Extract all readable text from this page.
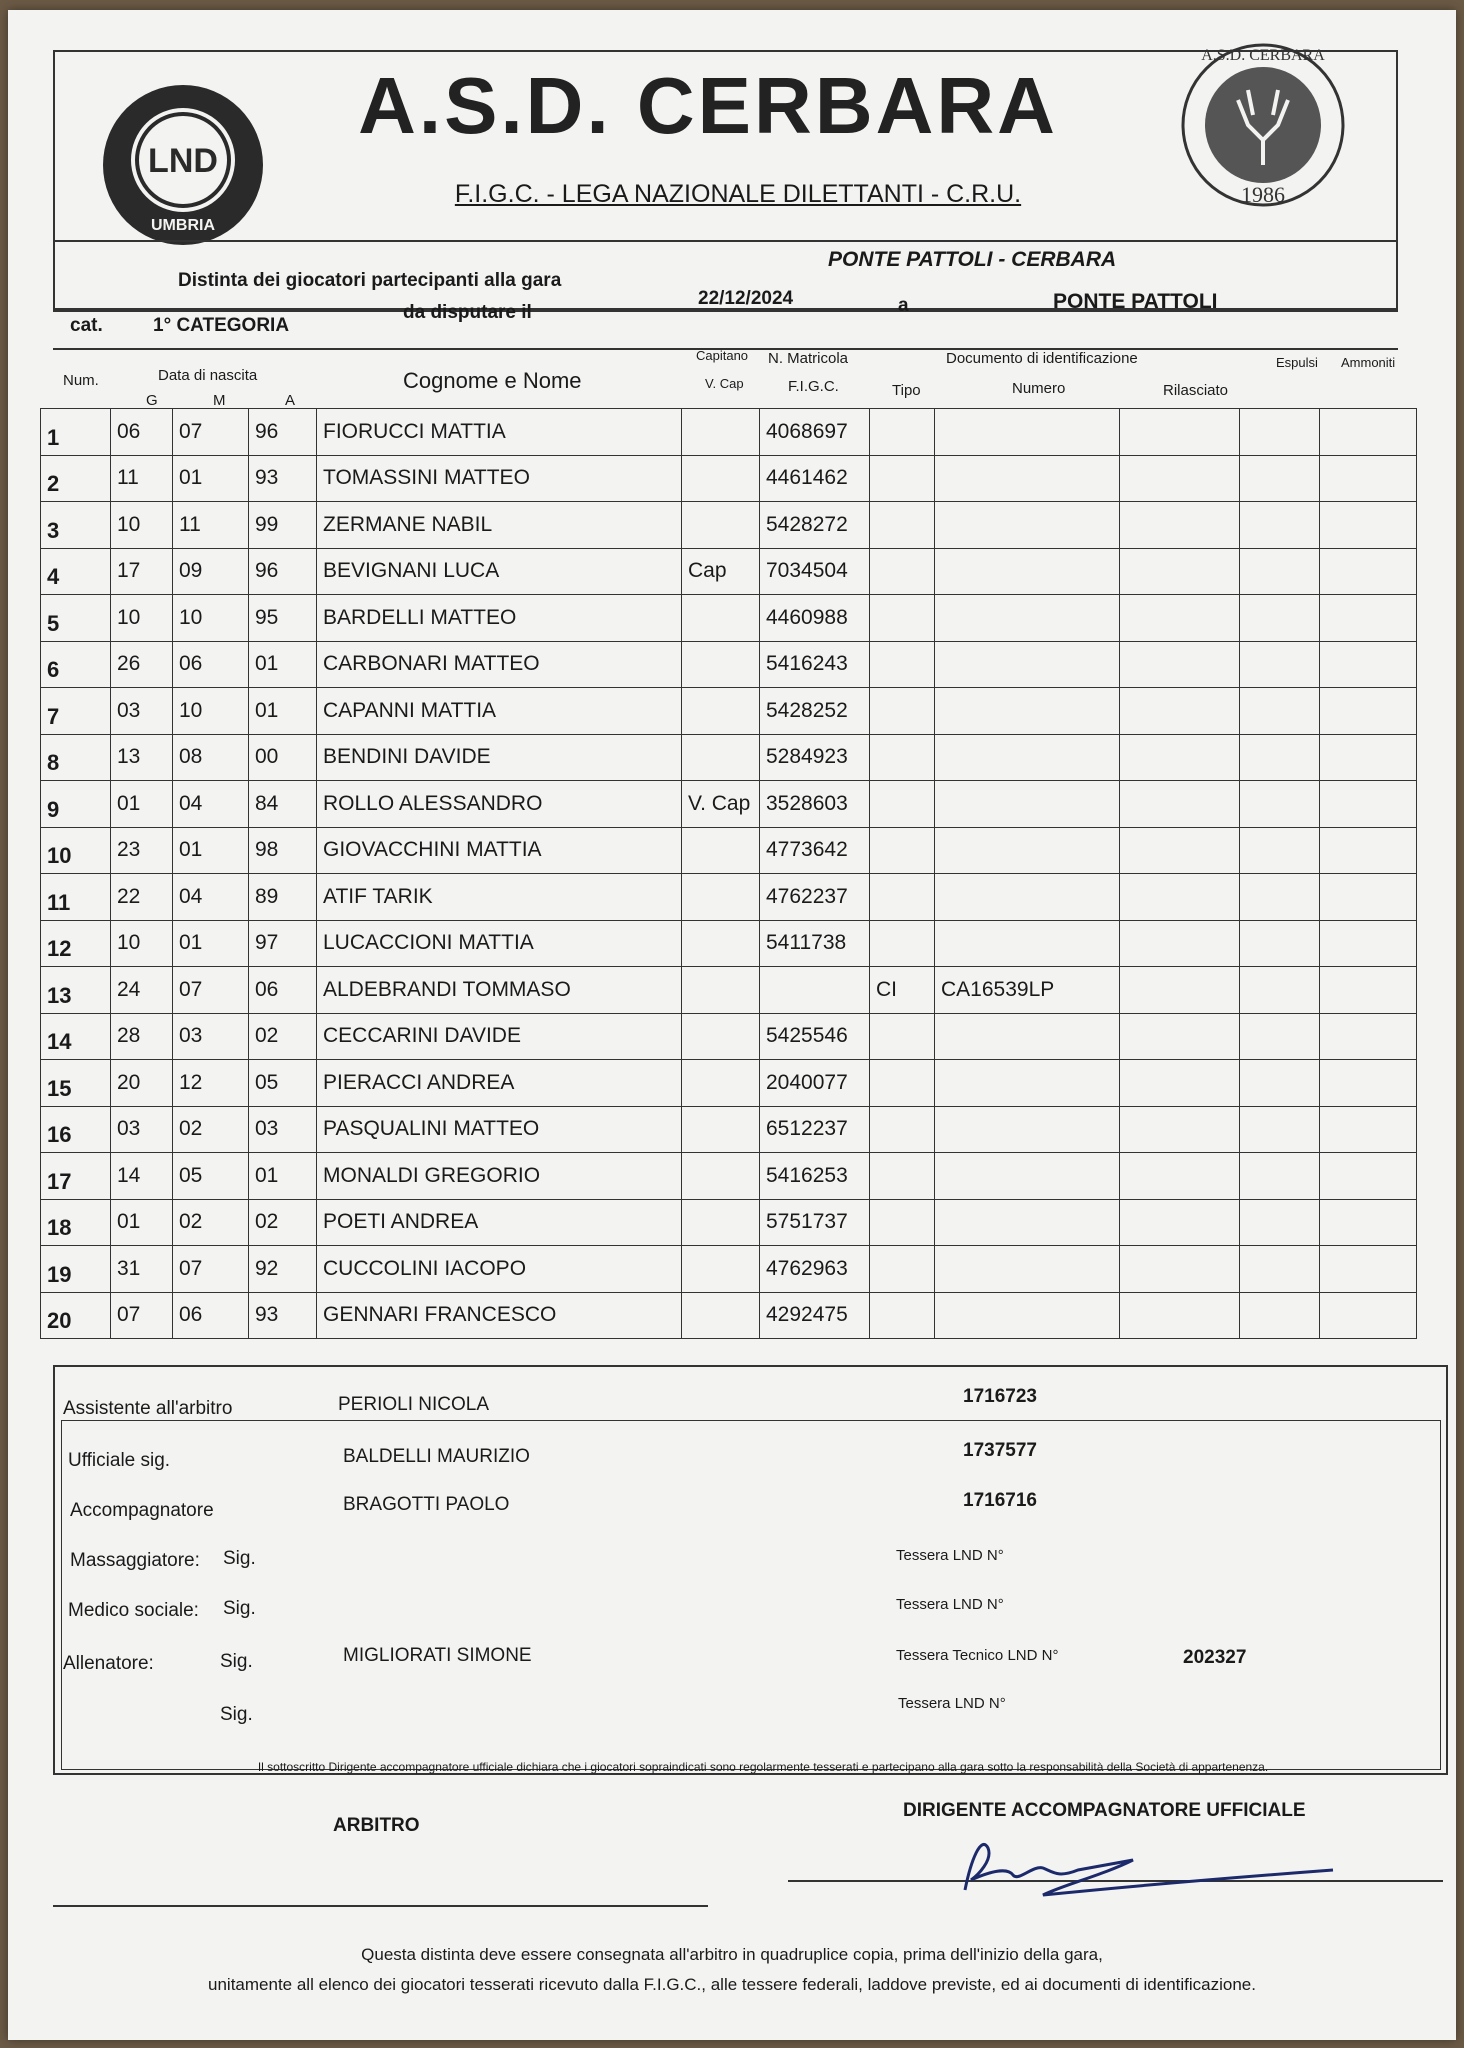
LND
UMBRIA
A.S.D. CERBARA
F.I.G.C. - LEGA NAZIONALE DILETTANTI - C.R.U.
A.S.D. CERBARA
1986
Distinta dei giocatori partecipanti alla gara
PONTE PATTOLI - CERBARA
cat.	1° CATEGORIA
da disputare il
22/12/2024	a	PONTE PATTOLI
Num.	Data di nascita
G	M	A
Cognome e Nome
Capitano
V. Cap
N. Matricola
F.I.G.C.
Documento di identificazione
Tipo	Numero	Rilasciato
Espulsi Ammoniti
1	06	07	96	FIORUCCI MATTIA		4068697					
2	11	01	93	TOMASSINI MATTEO		4461462					
3	10	11	99	ZERMANE NABIL		5428272					
4	17	09	96	BEVIGNANI LUCA	Cap	7034504					
5	10	10	95	BARDELLI MATTEO		4460988					
6	26	06	01	CARBONARI MATTEO		5416243					
7	03	10	01	CAPANNI MATTIA		5428252					
8	13	08	00	BENDINI DAVIDE		5284923					
9	01	04	84	ROLLO ALESSANDRO	V. Cap	3528603					
10	23	01	98	GIOVACCHINI MATTIA		4773642					
11	22	04	89	ATIF TARIK		4762237					
12	10	01	97	LUCACCIONI MATTIA		5411738					
13	24	07	06	ALDEBRANDI TOMMASO			CI	CA16539LP			
14	28	03	02	CECCARINI DAVIDE		5425546					
15	20	12	05	PIERACCI ANDREA		2040077					
16	03	02	03	PASQUALINI MATTEO		6512237					
17	14	05	01	MONALDI GREGORIO		5416253					
18	01	02	02	POETI ANDREA		5751737					
19	31	07	92	CUCCOLINI IACOPO		4762963					
20	07	06	93	GENNARI FRANCESCO		4292475					
Assistente all'arbitro	PERIOLI NICOLA	1716723
Ufficiale sig.	BALDELLI MAURIZIO	1737577
Accompagnatore	BRAGOTTI PAOLO	1716716
Massaggiatore: Sig.	Tessera LND N°
Medico sociale: Sig.	Tessera LND N°
Allenatore:	Sig.	MIGLIORATI SIMONE	Tessera Tecnico LND N°	202327
Sig.
Tessera LND N°
Il sottoscritto Dirigente accompagnatore ufficiale dichiara che i giocatori sopraindicati sono regolarmente tesserati e partecipano alla gara sotto la responsabilità della Società di appartenenza.
ARBITRO
DIRIGENTE ACCOMPAGNATORE UFFICIALE
Questa distinta deve essere consegnata all'arbitro in quadruplice copia, prima dell'inizio della gara,
unitamente all elenco dei giocatori tesserati ricevuto dalla F.I.G.C., alle tessere federali, laddove previste, ed ai documenti di identificazione.
